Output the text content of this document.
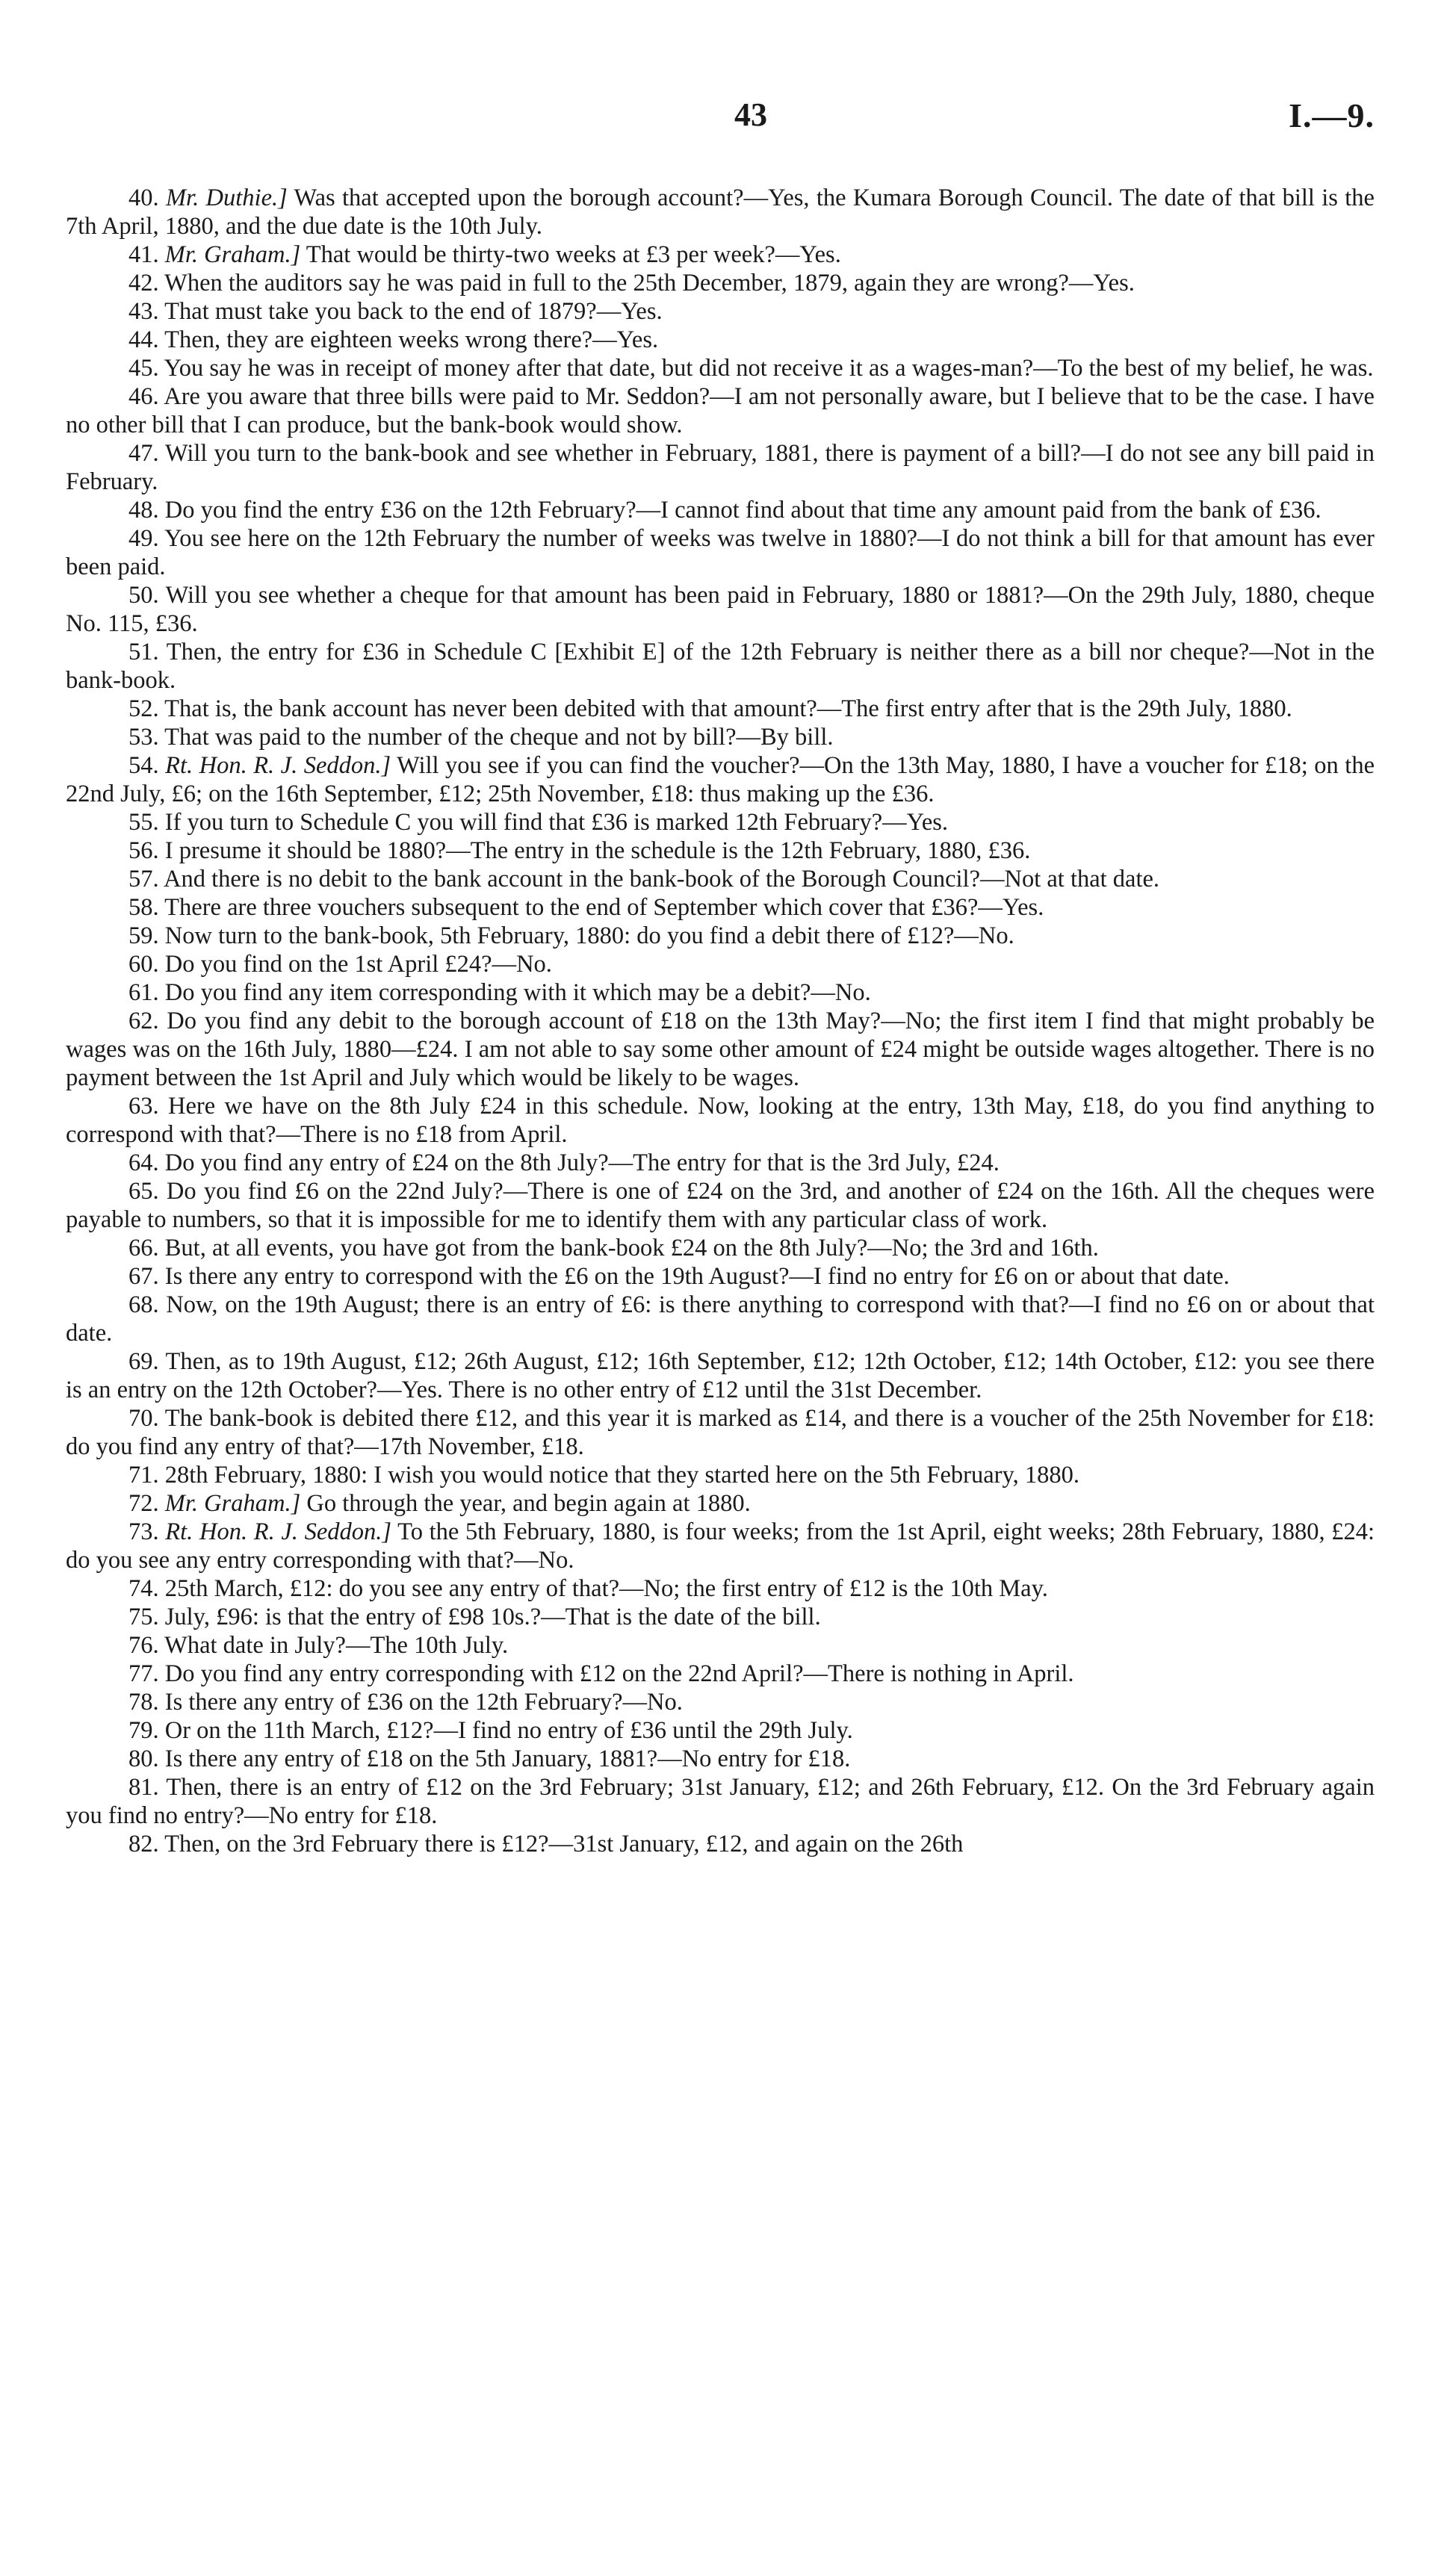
43	I.—9.

40. Mr. Duthie.] Was that accepted upon the borough account?—Yes, the Kumara Borough Council. The date of that bill is the 7th April, 1880, and the due date is the 10th July.

41. Mr. Graham.] That would be thirty-two weeks at £3 per week?—Yes.

42. When the auditors say he was paid in full to the 25th December, 1879, again they are wrong?—Yes.

43. That must take you back to the end of 1879?—Yes.

44. Then, they are eighteen weeks wrong there?—Yes.

45. You say he was in receipt of money after that date, but did not receive it as a wages-man?—To the best of my belief, he was.

46. Are you aware that three bills were paid to Mr. Seddon?—I am not personally aware, but I believe that to be the case. I have no other bill that I can produce, but the bank-book would show.

47. Will you turn to the bank-book and see whether in February, 1881, there is payment of a bill?—I do not see any bill paid in February.

48. Do you find the entry £36 on the 12th February?—I cannot find about that time any amount paid from the bank of £36.

49. You see here on the 12th February the number of weeks was twelve in 1880?—I do not think a bill for that amount has ever been paid.

50. Will you see whether a cheque for that amount has been paid in February, 1880 or 1881?—On the 29th July, 1880, cheque No. 115, £36.

51. Then, the entry for £36 in Schedule C [Exhibit E] of the 12th February is neither there as a bill nor cheque?—Not in the bank-book.

52. That is, the bank account has never been debited with that amount?—The first entry after that is the 29th July, 1880.

53. That was paid to the number of the cheque and not by bill?—By bill.

54. Rt. Hon. R. J. Seddon.] Will you see if you can find the voucher?—On the 13th May, 1880, I have a voucher for £18; on the 22nd July, £6; on the 16th September, £12; 25th November, £18: thus making up the £36.

55. If you turn to Schedule C you will find that £36 is marked 12th February?—Yes.

56. I presume it should be 1880?—The entry in the schedule is the 12th February, 1880, £36.

57. And there is no debit to the bank account in the bank-book of the Borough Council?—Not at that date.

58. There are three vouchers subsequent to the end of September which cover that £36?—Yes.

59. Now turn to the bank-book, 5th February, 1880: do you find a debit there of £12?—No.

60. Do you find on the 1st April £24?—No.

61. Do you find any item corresponding with it which may be a debit?—No.

62. Do you find any debit to the borough account of £18 on the 13th May?—No; the first item I find that might probably be wages was on the 16th July, 1880—£24. I am not able to say some other amount of £24 might be outside wages altogether. There is no payment between the 1st April and July which would be likely to be wages.

63. Here we have on the 8th July £24 in this schedule. Now, looking at the entry, 13th May, £18, do you find anything to correspond with that?—There is no £18 from April.

64. Do you find any entry of £24 on the 8th July?—The entry for that is the 3rd July, £24.

65. Do you find £6 on the 22nd July?—There is one of £24 on the 3rd, and another of £24 on the 16th. All the cheques were payable to numbers, so that it is impossible for me to identify them with any particular class of work.

66. But, at all events, you have got from the bank-book £24 on the 8th July?—No; the 3rd and 16th.

67. Is there any entry to correspond with the £6 on the 19th August?—I find no entry for £6 on or about that date.

68. Now, on the 19th August; there is an entry of £6: is there anything to correspond with that?—I find no £6 on or about that date.

69. Then, as to 19th August, £12; 26th August, £12; 16th September, £12; 12th October, £12; 14th October, £12: you see there is an entry on the 12th October?—Yes. There is no other entry of £12 until the 31st December.

70. The bank-book is debited there £12, and this year it is marked as £14, and there is a voucher of the 25th November for £18: do you find any entry of that?—17th November, £18.

71. 28th February, 1880: I wish you would notice that they started here on the 5th February, 1880.

72. Mr. Graham.] Go through the year, and begin again at 1880.

73. Rt. Hon. R. J. Seddon.] To the 5th February, 1880, is four weeks; from the 1st April, eight weeks; 28th February, 1880, £24: do you see any entry corresponding with that?—No.

74. 25th March, £12: do you see any entry of that?—No; the first entry of £12 is the 10th May.

75. July, £96: is that the entry of £98 10s.?—That is the date of the bill.

76. What date in July?—The 10th July.

77. Do you find any entry corresponding with £12 on the 22nd April?—There is nothing in April.

78. Is there any entry of £36 on the 12th February?—No.

79. Or on the 11th March, £12?—I find no entry of £36 until the 29th July.

80. Is there any entry of £18 on the 5th January, 1881?—No entry for £18.

81. Then, there is an entry of £12 on the 3rd February; 31st January, £12; and 26th February, £12. On the 3rd February again you find no entry?—No entry for £18.

82. Then, on the 3rd February there is £12?—31st January, £12, and again on the 26th
